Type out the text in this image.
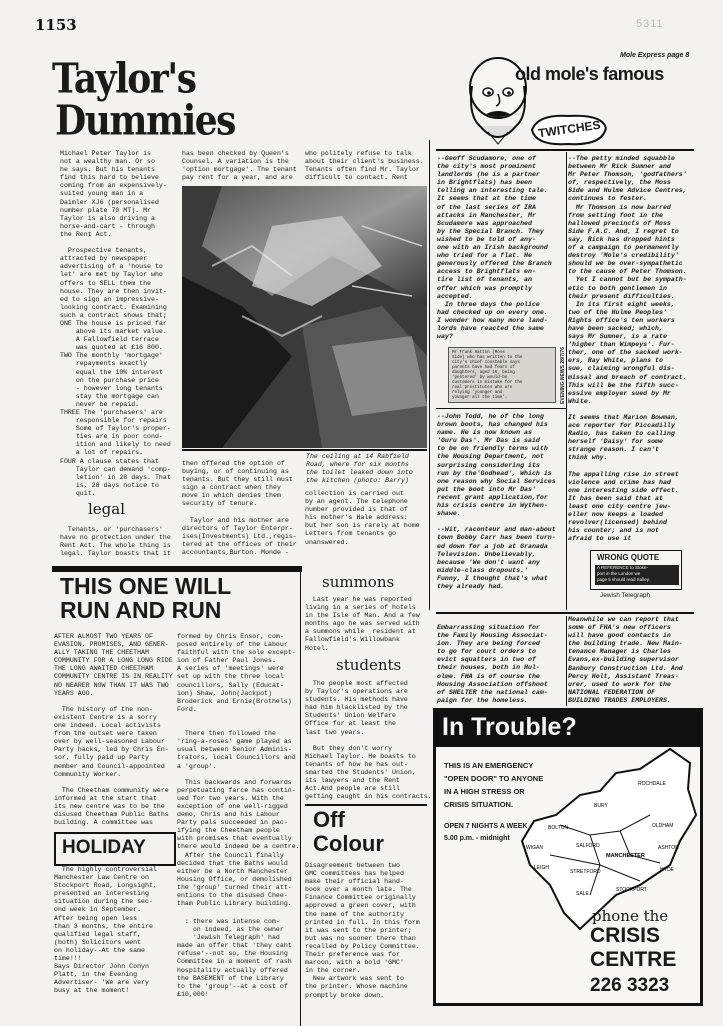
1153	5311
Mole Express page 8
Taylor's
Dummies
Michael Peter Taylor is
not a wealthy man. Or so
he says. But his tenants
find this hard to believe
coming from an expensively-
suited young man in a
Daimler XJ6 (personalised
number plate 70 MT). Mr
Taylor is also driving a
horse-and-cart - through
the Rent Act.

Prospective tenants,
attracted by newspaper
advertising of a 'house to
let' are met by Taylor who
offers to SELL them the
house. They are then invit-
ed to sign an impressive-
looking contract. Examining
such a contract shows that;
ONE The house is priced far
above its market value.
A Fallowfield terrace
was quoted at £16 800.
TWO The monthly 'mortgage'
repayments exactly
equal the 10% interest
on the purchase price
- however long tenants
stay the mortgage can
never be repaid.
THREE The 'purchasers' are
responsible for repairs
Some of Taylor's proper-
ties are in poor cond-
ition and likely to need
a lot of repairs.
FOUR A clause states that
Taylor can demand 'comp-
letion' in 28 days. That
is, 28 days notice to
quit.
legal
Tenants, or 'purchasers'
have no protection under the
Rent Act. The whole thing is
legal. Taylor boasts that it
has been checked by Queen's
Counsel. A variation is the
'option mortgage'. The tenant
pay rent for a year, and are
who politely refuse to talk
about their client's business.
Tenants often find Mr. Taylor
difficult to contact. Rent
The ceiling at 14 Rabfield
Road, where for six months
the toilet leaked down into
the kitchen (photo: Barry)
then offered the option of
buying, or of continuing as
tenants. But they still must
sign a contract when they
move in which denies them
security of tenure.

Taylor and his mother are
directors of Taylor Enterpr-
ises(Investments) Ltd.,regis-
tered at the offices of their
accountants,Burton. Monde -
collection is carried out
by an agent. The telephone
number provided is that of
his mother's Hale address:
but her son is rarely at home
Letters from tenants go
unanswered.
summons
Last year he was reported
living in a series of hotels
in the Isle of Man. And a few
months ago he was served with
a summons while  resident at
Fallowfield's Willowbank
Hotel.
students
The people most affected
by Taylor's operations are
students. His methods have
had him blacklisted by the
Students' Union Welfare
Office for at least the
last two years.

But they don't worry
Michael Taylor. He boasts to
tenants of how he has out-
smarted the Students' Union,
its lawyers and the Rent
Act.And people are still
getting caught in his contracts.
old mole's famous
TWITCHES
--Geoff Scudamore, one of
the city's most prominent
landlords (he is a partner
in Brightflats) has been
telling an interesting tale.
It seems that at the time
of the last series of IRA
attacks in Manchester, Mr
Scudamore was approached
by the Special Branch. They
wished to be told of any-
one with an Irish background
who tried for a flat. He
generously offered the Branch
access to Brightflats en-
tire list of tenants, an
offer which was promptly
accepted.
In three days the police
had checked up on every one.
I wonder how many more land-
lords have reacted the same
way?
Mr Frank Hatton (Moss
Side) who has written to the
city's chief constable says
parents have had fears of
daughters, aged 16, being
'pestered' by would-be
customers in mistake for the
real prostitutes who are
relying 'younger and
younger all the time'.	EVENING NEWS 28/7/76
--John Todd, he of the long
brown boots, has changed his
name. He is now known as
'Guru Das'. Mr Das is said
to be on friendly terms with
the Housing Department, not
surprising considering its
run by the'Godhead', Which is
one reason why Social Services
put the boot into Mr Das'
recent grant application,for
his crisis centre in Wythen-
shawe.

--Wit, raconteur and man-about
town Bobby Carr has been turn-
ed down for a job at Granada
Television. Unbelievably,
because 'We don't want any
middle-class dropouts.'
Funny, I thought that's what
they already had.
--The petty minded squabble
between Mr Rick Sumner and
Mr Peter Thomson, 'godfathers'
of, respectively, the Moss
Side and Hulme Advice Centres,
continues to fester.
Mr Thomson is now barred
from setting foot in the
hallowed precincts of Moss
Side F.A.C. And, I regret to
say, Rick has dropped hints
of a campaign to permanently
destroy 'Mole's credibility'
should we be over-sympathetic
to the cause of Peter Thomson.
Yet I cannot but be sympath-
etic to both gentlemen in
their present difficulties.
In its first eight weeks,
two of the Hulme Peoples'
Rights office's ten workers
have been sacked; which,
says Mr Sumner, is a rate
'higher than Wimpeys'. Fur-
ther, one of the sacked work-
ers, Ray White, plans to
sue, claiming wrongful dis-
missal and breach of contract.
This will be the fifth succ-
essive employer sued by Mr
White.

It seems that Marion Bowman,
ace reporter for Piccadilly
Radio, has taken to calling
herself 'Daisy' for some
strange reason. I can't
think why.

The appalling rise in street
violence and crime has had
one interesting side effect.
It has been said that at
least one city centre jew-
eller now keeps a loaded
revolver(licensed) behind
his counter; and is not
afraid to use it
WRONG QUOTE
A REFERENCE to Stoke-
port in the London we
page 5 should read Salley.
Jewish Telegraph
Embarrassing situation for
the Family Housing Associat-
ion. They are being forced
to go for court orders to
evict squatters in two of
their houses, both in Hul-
olme. FHA is of course the
Housing Association offshoot
of SHELTER the national cam-
paign for the homeless.
Meanwhile we can report that
some of FHA's new officers
will have good contacts in
the building trade. New Main-
tenance Manager is Charles
Evans,ex-building supervisor
Banbury Construction Ltd. And
Percy Holt, Assistant Treas-
urer, used to work for the
NATIONAL FEDERATION OF
BUILDING TRADES EMPLOYERS.
THIS ONE WILL
RUN AND RUN
AFTER ALMOST TWO YEARS OF
EVASION, PROMISES, AND GENER-
ALLY TAKING THE CHEETHAM
COMMUNITY FOR A LONG LONG RIDE
THE LONG AWAITED CHEETHAM
COMMUNITY CENTRE IS IN REALITY
NO NEARER NOW THAN IT WAS TWO
YEARS AGO.

The history of the non-
existent Centre is a sorry
one indeed. Local activists
from the outset were taken
over by well-seasoned Labour
Party hacks, led by Chris En-
sor, fully paid up Party
member and Council-appointed
Community Worker.

The Cheetham community were
informed at the start that
its new centre was to be the
disused Cheetham Public Baths
building. A committee was
formed by Chris Ensor, com-
posed entirely of the Labour
faithful with the sole except-
ion of Father Paul Jones.
A series of 'meetings' were
set up with the three local
councillors, Sally (Educat-
ion) Shaw, John(Jackpot)
Broderick and Ernie(Brothels)
Ford.

There then followed the
'ring-a-roses' game played as
usual between Senior Adminis-
trators, local Councillors and
a 'group'.

This backwards and forwards
perpetuating farce has contin-
ued for two years. With the
exception of one well-rigged
demo, Chris and his Labour
Party pals succeeded in pac-
ifying the Cheetham people
with promises that eventually
there would indeed be a centre.
After the Council finally
decided that the Baths would
either be a North Manchester
Housing Office, or demolished
the 'group' turned their att-
entions to the disused Chee-
tham Public Library building.
: there was intense com-
on indeed, as the owner
'Jewish Telegraph' had
made an offer that 'they cant
refuse'--not so, the Housing
Committee in a moment of rash
hospitality actually offered
the BASEMENT of the Library
to the 'group'--at a cost of
£10,000!
HOLIDAY
The highly controversial
Manchester Law Centre on
Stockport Road, Longsight,
presented an interesting
situation during the sec-
ond week in September.
After being open less
than 3 months, the entire
qualified legal staff,
(both) Solicitors went
on holiday--At the same
time!!!
Says Director John Conyn
Platt, in the Evening
Advertiser- 'We are very
busy at the moment!
Off
Colour
Disagreement between two
GMC committees has helped
make their official hand-
book over a month late. The
Finance Committee originally
approved a green cover, with
the name of the authority
printed in full. In this form
it was sent to the printer;
but was no sooner there than
recalled by Policy Committee.
Their preference was for
maroon, with a bold 'GMC'
in the corner.
New artwork was sent to
the printer. Whose machine
promptly broke down.
In Trouble?
THIS IS AN EMERGENCY
"OPEN DOOR" TO ANYONE
IN A HIGH STRESS OR
CRISIS SITUATION.
OPEN 7 NIGHTS A WEEK
5.00 p.m. - midnight
ROCHDALE
BOLTON
BURY
OLDHAM
SALFORD
WIGAN
LEIGH
MANCHESTER
STOCKPORT
ASHTON
STRETFORD
SALE
HYDE
phone the
CRISIS
CENTRE
226 3323
